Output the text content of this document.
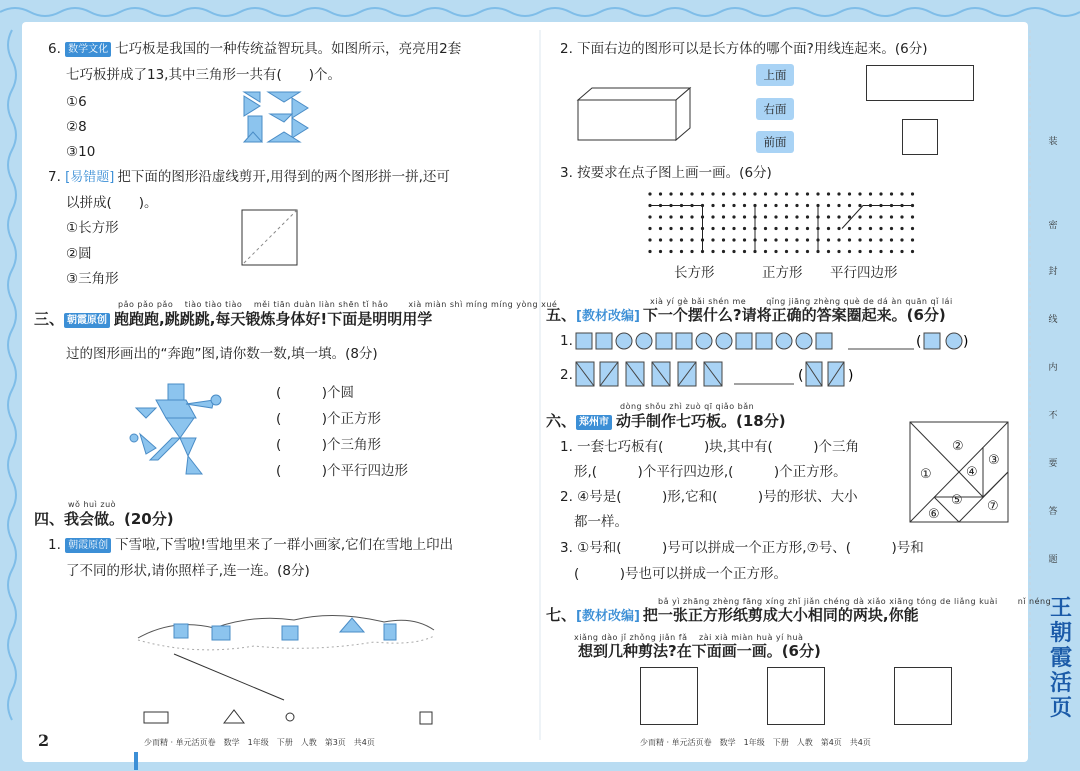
6. 数学文化 七巧板是我国的一种传统益智玩具。如图所示，亮亮用2套
七巧板拼成了13,其中三角形一共有(　　)个。
①6
②8
③10
7. [易错题] 把下面的图形沿虚线剪开,用得到的两个图形拼一拼,还可
以拼成(　　)。
①长方形
②圆
③三角形
pǎo pǎo pǎo　 tiào tiào tiào　 měi tiān duàn liàn shēn tǐ hǎo　　 xià miàn shì míng míng yòng xué
三、 朝霞原创 跑跑跑,跳跳跳,每天锻炼身体好!下面是明明用学
过的图形画出的“奔跑”图,请你数一数,填一填。(8分)
(　　　)个圆
(　　　)个正方形
(　　　)个三角形
(　　　)个平行四边形
wǒ huì zuò
四、我会做。(20分)
1. 朝霞原创 下雪啦,下雪啦!雪地里来了一群小画家,它们在雪地上印出
了不同的形状,请你照样子,连一连。(8分)
2	少而精 · 单元活页卷　数学　1年级　下册　人教　第3页　共4页
2. 下面右边的图形可以是长方体的哪个面?用线连起来。(6分)
上面
右面
前面
3. 按要求在点子图上画一画。(6分)
长方形	正方形 平行四边形
xià yí gè bǎi shén me　　 qǐng jiāng zhèng què de dá àn quān qǐ lái
五、[教材改编] 下一个摆什么?请将正确的答案圈起来。(6分)
1.	(	)
2.	(	)
dòng shǒu zhì zuò qī qiǎo bǎn
六、 郑州市 动手制作七巧板。(18分)
1. 一套七巧板有(　　　)块,其中有(　　　)个三角
形,(　　　)个平行四边形,(　　　)个正方形。
2. ④号是(　　　)形,它和(　　　)号的形状、大小
都一样。
3. ①号和(　　　)号可以拼成一个正方形,⑦号、(　　　)号和
(　　　)号也可以拼成一个正方形。
①
②
③
④
⑤
⑥
⑦
bǎ yì zhāng zhèng fāng xíng zhǐ jiǎn chéng dà xiǎo xiāng tóng de liǎng kuài　　 nǐ néng
七、[教材改编] 把一张正方形纸剪成大小相同的两块,你能
xiǎng dào jǐ zhǒng jiǎn fǎ　 zài xià miàn huà yí huà
想到几种剪法?在下面画一画。(6分)
少而精 · 单元活页卷　数学　1年级　下册　人教　第4页　共4页
装
密
封
线
内
不
要
答
题
王
朝
霞
活
页
